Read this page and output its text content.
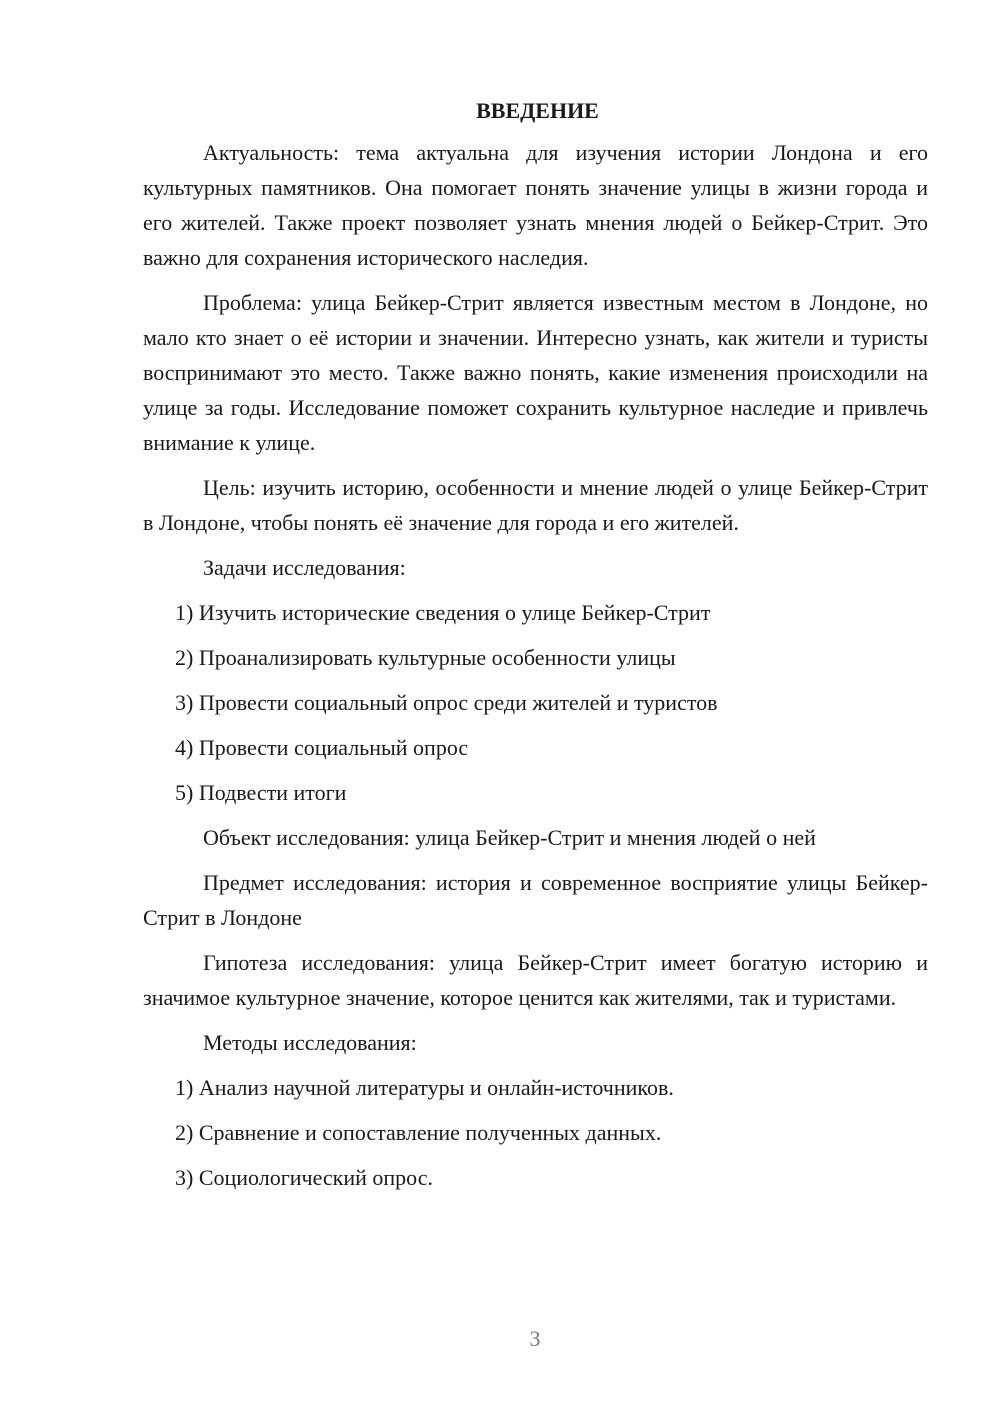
ВВЕДЕНИЕ

Актуальность: тема актуальна для изучения истории Лондона и его культурных памятников. Она помогает понять значение улицы в жизни города и его жителей. Также проект позволяет узнать мнения людей о Бейкер-Стрит. Это важно для сохранения исторического наследия.

Проблема: улица Бейкер-Стрит является известным местом в Лондоне, но мало кто знает о её истории и значении. Интересно узнать, как жители и туристы воспринимают это место. Также важно понять, какие изменения происходили на улице за годы. Исследование поможет сохранить культурное наследие и привлечь внимание к улице.

Цель: изучить историю, особенности и мнение людей о улице Бейкер-Стрит в Лондоне, чтобы понять её значение для города и его жителей.

Задачи исследования:
1) Изучить исторические сведения о улице Бейкер-Стрит
2) Проанализировать культурные особенности улицы
3) Провести социальный опрос среди жителей и туристов
4) Провести социальный опрос
5) Подвести итоги
Объект исследования: улица Бейкер-Стрит и мнения людей о ней

Предмет исследования: история и современное восприятие улицы Бейкер-Стрит в Лондоне

Гипотеза исследования: улица Бейкер-Стрит имеет богатую историю и значимое культурное значение, которое ценится как жителями, так и туристами.

Методы исследования:
1) Анализ научной литературы и онлайн-источников.
2) Сравнение и сопоставление полученных данных.
3) Социологический опрос.
3
